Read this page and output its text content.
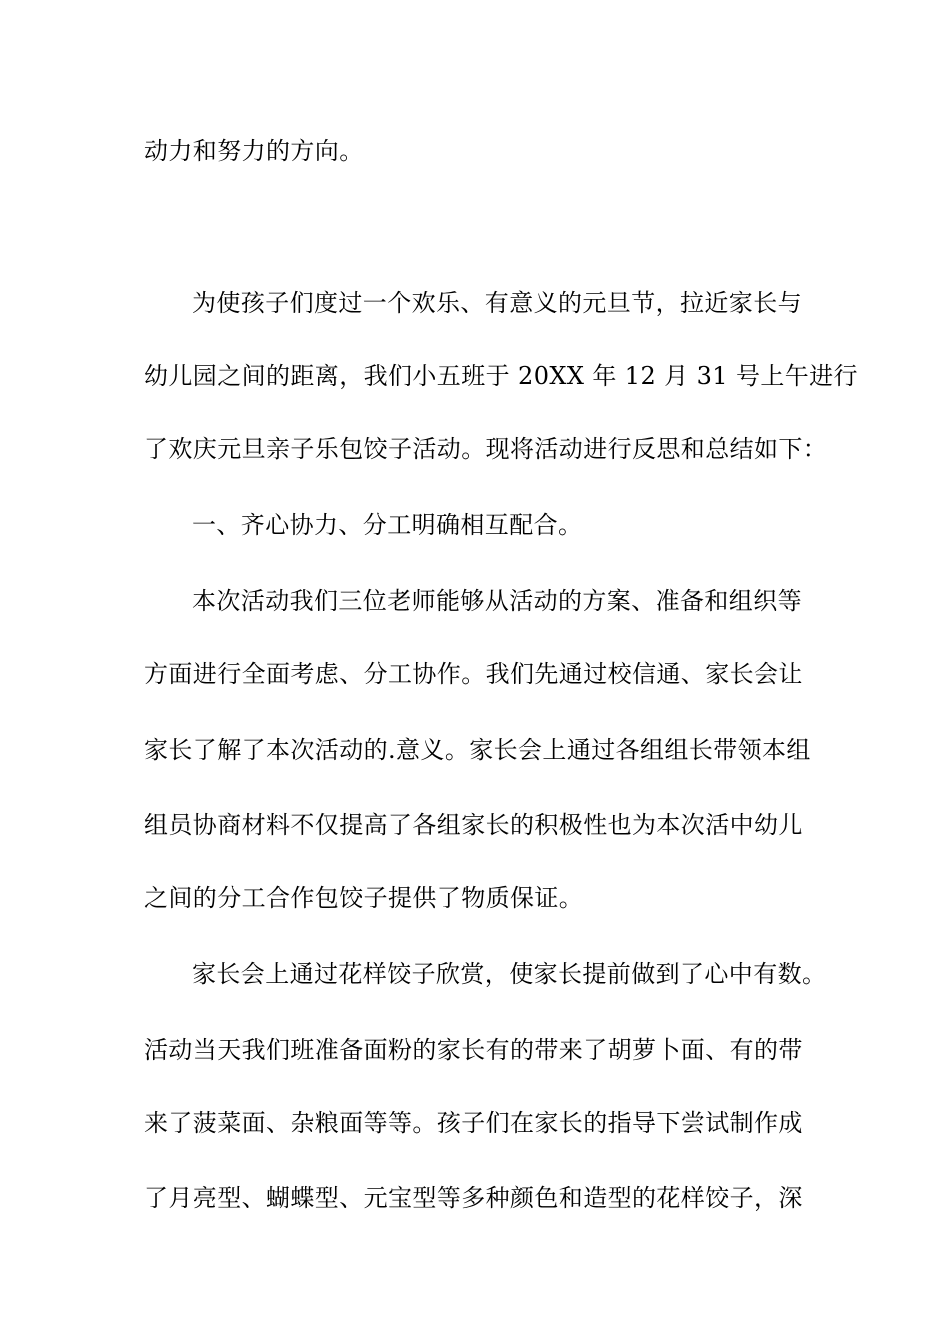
动力和努力的方向。
为使孩子们度过一个欢乐、有意义的元旦节，拉近家长与
幼儿园之间的距离，我们小五班于 20XX 年 12 月 31 号上午进行
了欢庆元旦亲子乐包饺子活动。现将活动进行反思和总结如下：
一、齐心协力、分工明确相互配合。
本次活动我们三位老师能够从活动的方案、准备和组织等
方面进行全面考虑、分工协作。我们先通过校信通、家长会让
家长了解了本次活动的.意义。家长会上通过各组组长带领本组
组员协商材料不仅提高了各组家长的积极性也为本次活中幼儿
之间的分工合作包饺子提供了物质保证。
家长会上通过花样饺子欣赏，使家长提前做到了心中有数。
活动当天我们班准备面粉的家长有的带来了胡萝卜面、有的带
来了菠菜面、杂粮面等等。孩子们在家长的指导下尝试制作成
了月亮型、蝴蝶型、元宝型等多种颜色和造型的花样饺子，深
